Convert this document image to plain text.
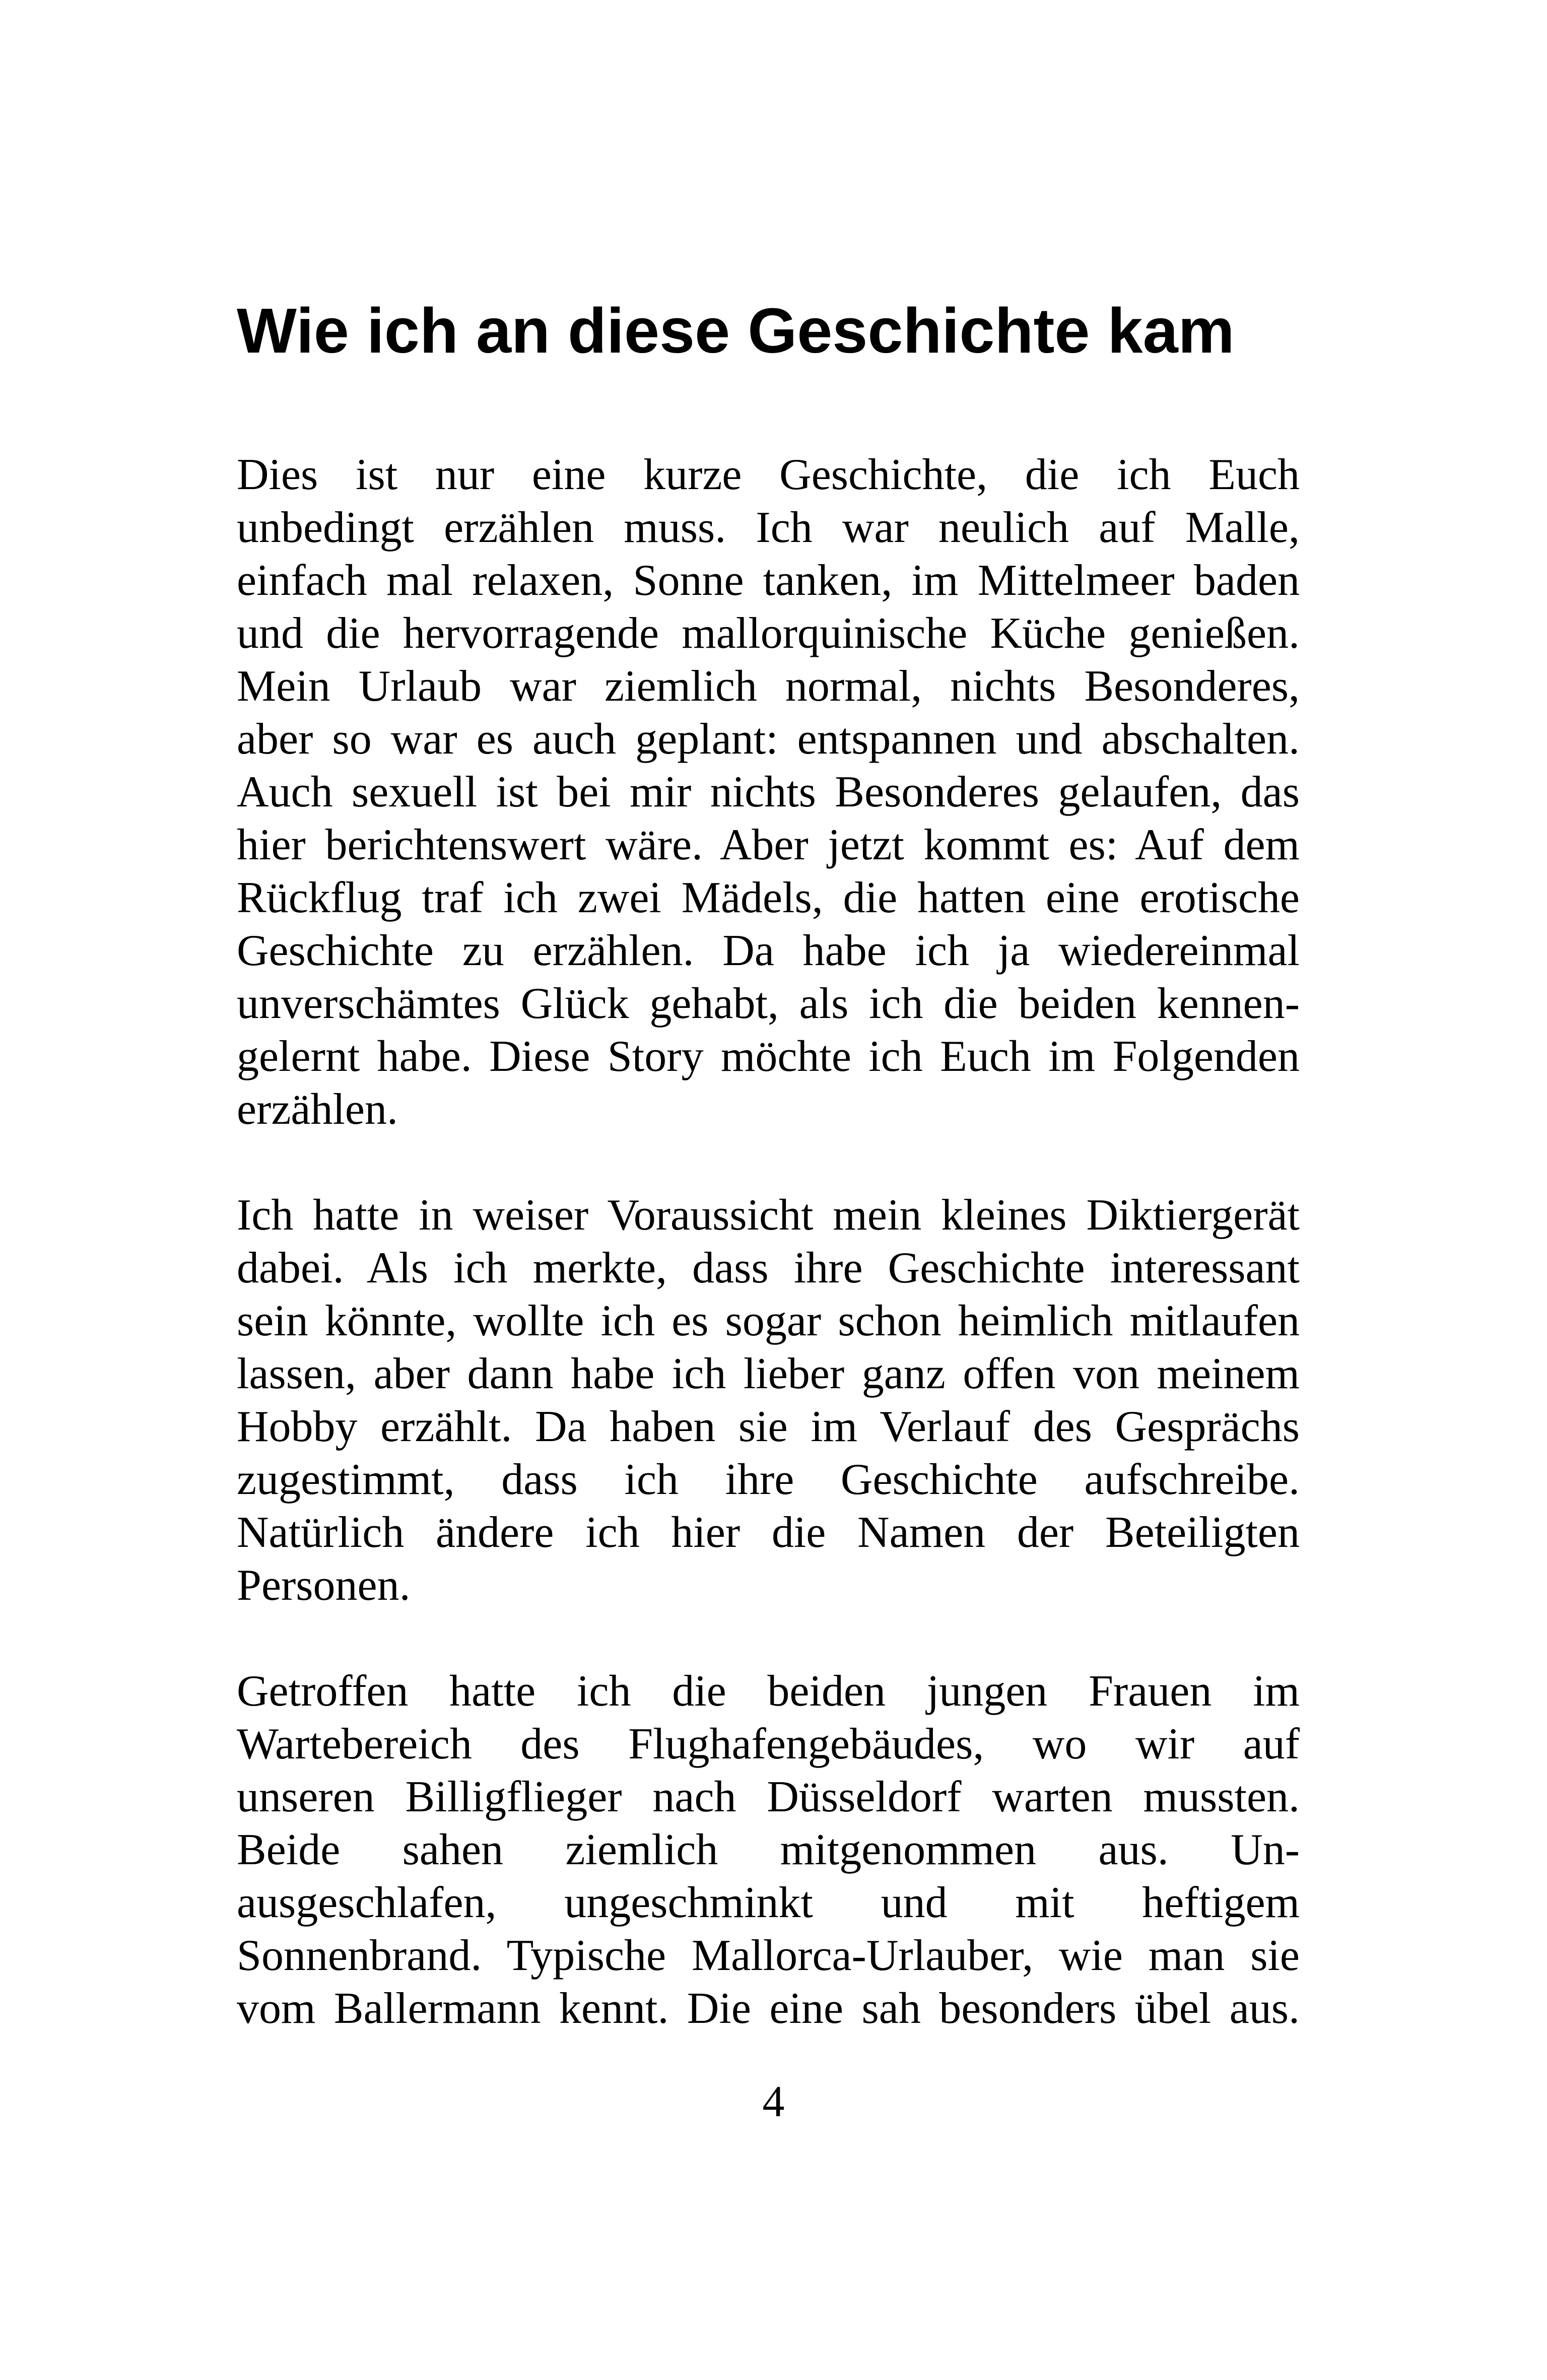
Wie ich an diese Geschichte kam

Dies ist nur eine kurze Geschichte, die ich Euch

unbedingt erzählen muss. Ich war neulich auf Malle,

einfach mal relaxen, Sonne tanken, im Mittelmeer baden

und die hervorragende mallorquinische Küche genießen.

Mein Urlaub war ziemlich normal, nichts Besonderes,

aber so war es auch geplant: entspannen und abschalten.

Auch sexuell ist bei mir nichts Besonderes gelaufen, das

hier berichtenswert wäre. Aber jetzt kommt es: Auf dem

Rückflug traf ich zwei Mädels, die hatten eine erotische

Geschichte zu erzählen. Da habe ich ja wiedereinmal

unverschämtes Glück gehabt, als ich die beiden kennen-

gelernt habe. Diese Story möchte ich Euch im Folgenden

erzählen.

Ich hatte in weiser Voraussicht mein kleines Diktiergerät

dabei. Als ich merkte, dass ihre Geschichte interessant

sein könnte, wollte ich es sogar schon heimlich mitlaufen

lassen, aber dann habe ich lieber ganz offen von meinem

Hobby erzählt. Da haben sie im Verlauf des Gesprächs

zugestimmt, dass ich ihre Geschichte aufschreibe.

Natürlich ändere ich hier die Namen der Beteiligten

Personen.

Getroffen hatte ich die beiden jungen Frauen im

Wartebereich des Flughafengebäudes, wo wir auf

unseren Billigflieger nach Düsseldorf warten mussten.

Beide sahen ziemlich mitgenommen aus. Un-

ausgeschlafen, ungeschminkt und mit heftigem

Sonnenbrand. Typische Mallorca-Urlauber, wie man sie

vom Ballermann kennt. Die eine sah besonders übel aus.

4
